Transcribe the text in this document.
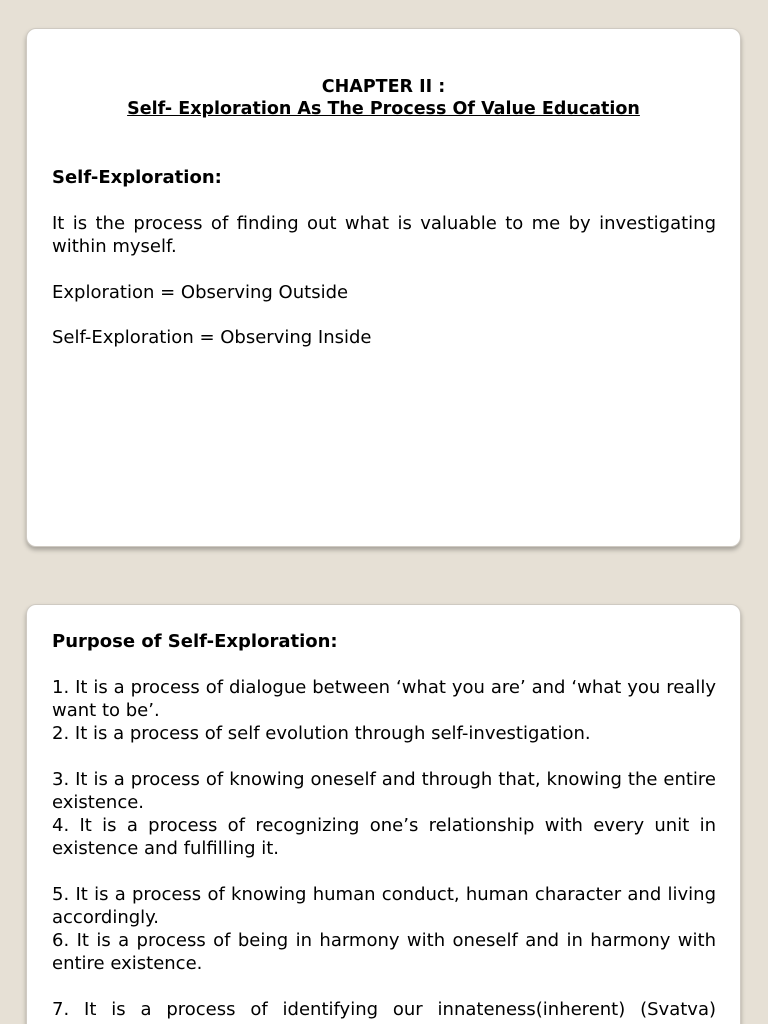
CHAPTER II :
Self- Exploration As The Process Of Value Education

Self-Exploration:

It is the process of finding out what is valuable to me by investigating within myself.

Exploration = Observing Outside

Self-Exploration = Observing Inside

Purpose of Self-Exploration:

1. It is a process of dialogue between ‘what you are’ and ‘what you really want to be’.

2. It is a process of self evolution through self-investigation.

3. It is a process of knowing oneself and through that, knowing the entire existence.

4. It is a process of recognizing one’s relationship with every unit in existence and fulfilling it.

5. It is a process of knowing human conduct, human character and living accordingly.

6. It is a process of being in harmony with oneself and in harmony with entire existence.

7. It is a process of identifying our innateness(inherent) (Svatva)
